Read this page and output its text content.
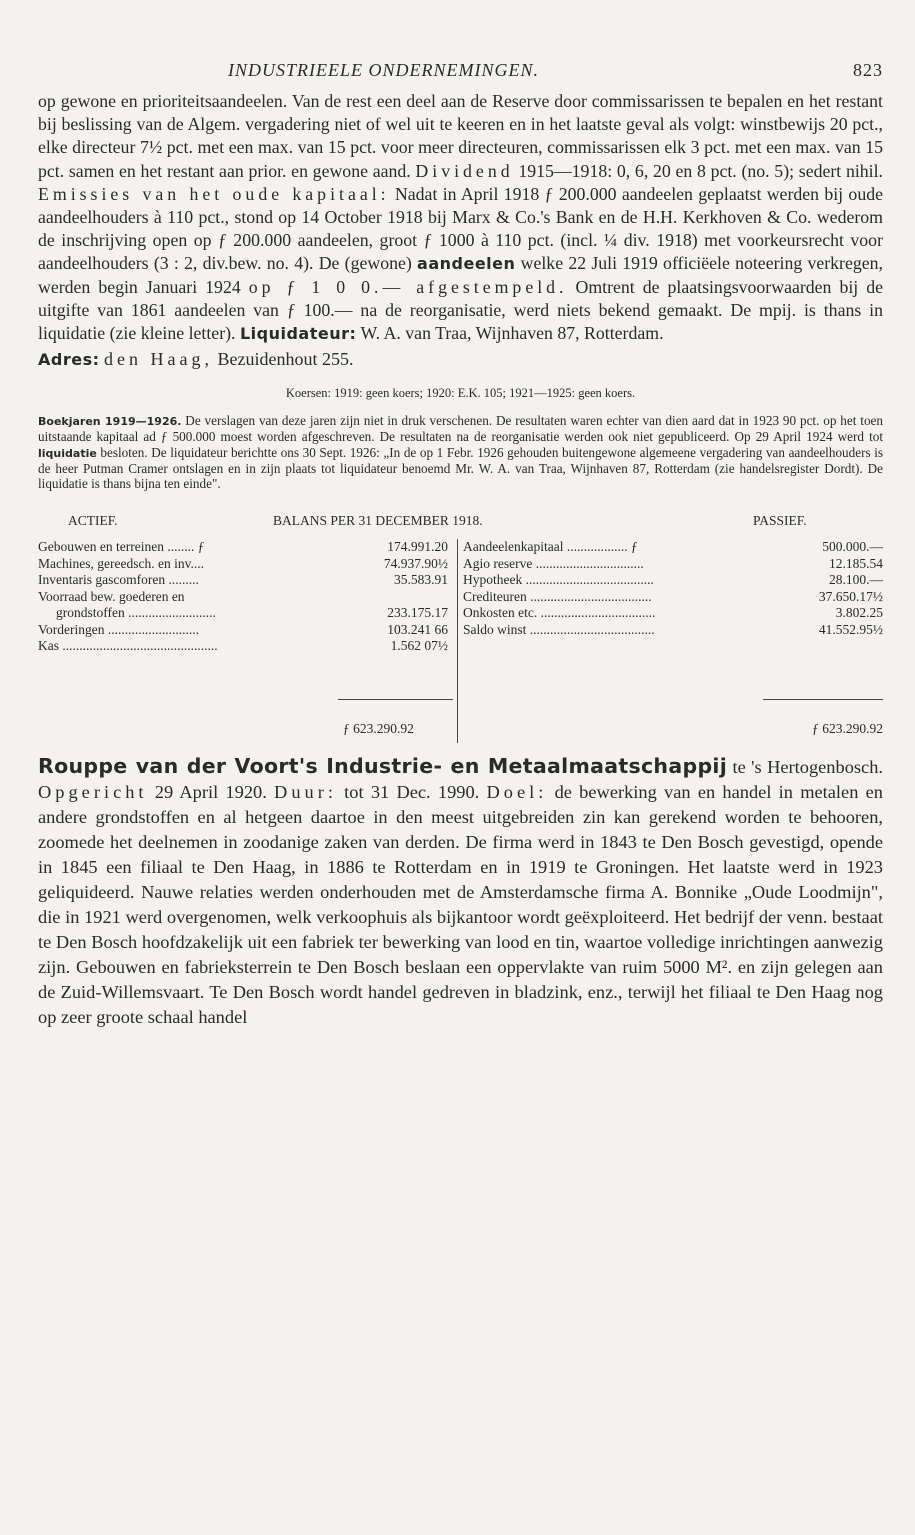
INDUSTRIEELE ONDERNEMINGEN.	823

op gewone en prioriteitsaandeelen. Van de rest een deel aan de Reserve door commissarissen te bepalen en het restant bij beslissing van de Algem. vergadering niet of wel uit te keeren en in het laatste geval als volgt: winstbewijs 20 pct., elke directeur 7½ pct. met een max. van 15 pct. voor meer directeuren, commissarissen elk 3 pct. met een max. van 15 pct. samen en het restant aan prior. en gewone aand. Dividend 1915—1918: 0, 6, 20 en 8 pct. (no. 5); sedert nihil. Emissies van het oude kapitaal: Nadat in April 1918 ƒ 200.000 aandeelen geplaatst werden bij oude aandeelhouders à 110 pct., stond op 14 October 1918 bij Marx & Co.'s Bank en de H.H. Kerkhoven & Co. wederom de inschrijving open op ƒ 200.000 aandeelen, groot ƒ 1000 à 110 pct. (incl. ¼ div. 1918) met voorkeursrecht voor aandeelhouders (3 : 2, div.bew. no. 4). De (gewone) aandeelen welke 22 Juli 1919 officiëele noteering verkregen, werden begin Januari 1924 op ƒ 1 0 0.— afgestempeld. Omtrent de plaatsingsvoorwaarden bij de uitgifte van 1861 aandeelen van ƒ 100.— na de reorganisatie, werd niets bekend gemaakt. De mpij. is thans in liquidatie (zie kleine letter). Liquidateur: W. A. van Traa, Wijnhaven 87, Rotterdam.

Adres: den Haag, Bezuidenhout 255.
Koersen: 1919: geen koers; 1920: E.K. 105; 1921—1925: geen koers.

Boekjaren 1919—1926. De verslagen van deze jaren zijn niet in druk verschenen. De resultaten waren echter van dien aard dat in 1923 90 pct. op het toen uitstaande kapitaal ad ƒ 500.000 moest worden afgeschreven. De resultaten na de reorganisatie werden ook niet gepubliceerd. Op 29 April 1924 werd tot liquidatie besloten. De liquidateur berichtte ons 30 Sept. 1926: „In de op 1 Febr. 1926 gehouden buitengewone algemeene vergadering van aandeelhouders is de heer Putman Cramer ontslagen en in zijn plaats tot liquidateur benoemd Mr. W. A. van Traa, Wijnhaven 87, Rotterdam (zie handelsregister Dordt). De liquidatie is thans bijna ten einde".

ACTIEF.	BALANS PER 31 DECEMBER 1918.	PASSIEF.
Gebouwen en terreinen ........ ƒ	174.991.20
Machines, gereedsch. en inv....	74.937.90½
Inventaris gascomforen .........	35.583.91
Voorraad bew. goederen en
grondstoffen ..........................	233.175.17
Vorderingen ...........................	103.241 66
Kas ..............................................	1.562 07½
Aandeelenkapitaal .................. ƒ	500.000.—
Agio reserve ................................	12.185.54
Hypotheek ......................................	28.100.—
Crediteuren ....................................	37.650.17½
Onkosten etc. ..................................	3.802.25
Saldo winst .....................................	41.552.95½
ƒ 623.290.92	ƒ 623.290.92

Rouppe van der Voort's Industrie- en Metaalmaatschappij te 's Hertogenbosch. Opgericht 29 April 1920. Duur: tot 31 Dec. 1990. Doel: de bewerking van en handel in metalen en andere grondstoffen en al hetgeen daartoe in den meest uitgebreiden zin kan gerekend worden te behooren, zoomede het deelnemen in zoodanige zaken van derden. De firma werd in 1843 te Den Bosch gevestigd, opende in 1845 een filiaal te Den Haag, in 1886 te Rotterdam en in 1919 te Groningen. Het laatste werd in 1923 geliquideerd. Nauwe relaties werden onderhouden met de Amsterdamsche firma A. Bonnike „Oude Loodmijn", die in 1921 werd overgenomen, welk verkoophuis als bijkantoor wordt geëxploiteerd. Het bedrijf der venn. bestaat te Den Bosch hoofdzakelijk uit een fabriek ter bewerking van lood en tin, waartoe volledige inrichtingen aanwezig zijn. Gebouwen en fabrieksterrein te Den Bosch beslaan een oppervlakte van ruim 5000 M². en zijn gelegen aan de Zuid-Willemsvaart. Te Den Bosch wordt handel gedreven in bladzink, enz., terwijl het filiaal te Den Haag nog op zeer groote schaal handel
